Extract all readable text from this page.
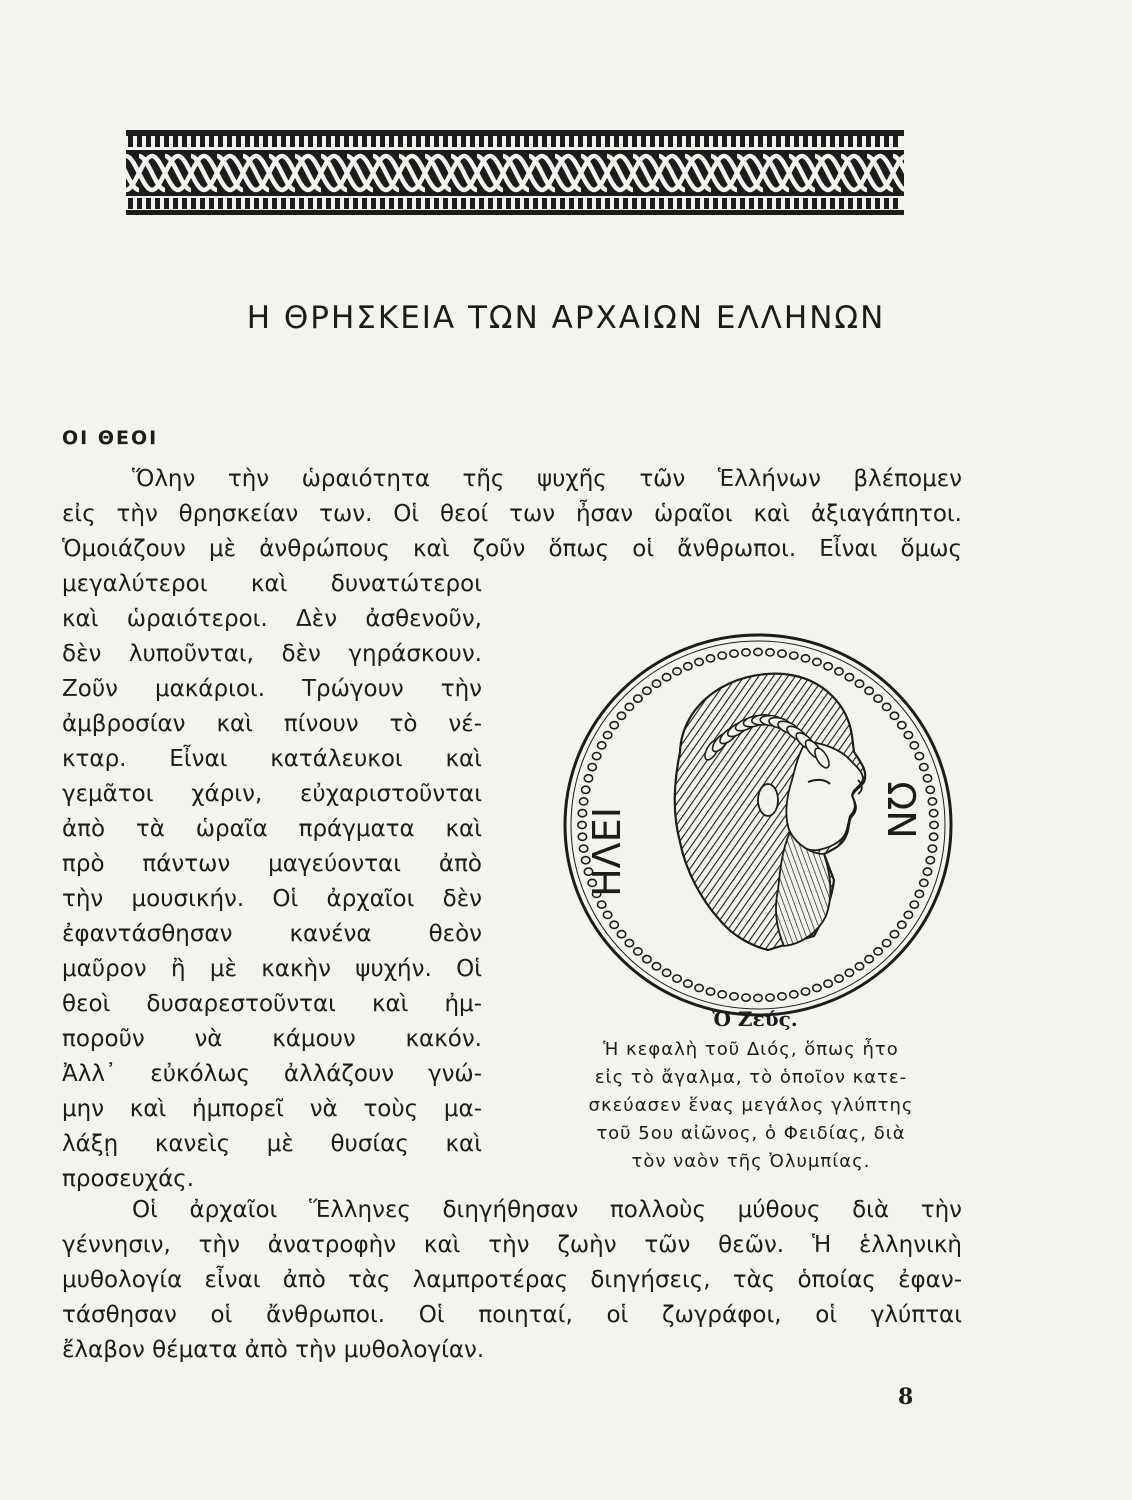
Η ΘΡΗΣΚΕΙΑ ΤΩΝ ΑΡΧΑΙΩΝ ΕΛΛΗΝΩΝ
ΟΙ ΘΕΟΙ
Ὅλην τὴν ὡραιότητα τῆς ψυχῆς τῶν Ἑλλήνων βλέπομεν
εἰς τὴν θρησκείαν των. Οἱ θεοί των ἦσαν ὡραῖοι καὶ ἀξιαγάπητοι.
Ὁμοιάζουν μὲ ἀνθρώπους καὶ ζοῦν ὅπως οἱ ἄνθρωποι. Εἶναι ὅμως
μεγαλύτεροι καὶ δυνατώτεροι
καὶ ὡραιότεροι. Δὲν ἀσθενοῦν,
δὲν λυποῦνται, δὲν γηράσκουν.
Ζοῦν μακάριοι. Τρώγουν τὴν
ἀμβροσίαν καὶ πίνουν τὸ νέ-
κταρ. Εἶναι κατάλευκοι καὶ
γεμᾶτοι χάριν, εὐχαριστοῦνται
ἀπὸ τὰ ὡραῖα πράγματα καὶ
πρὸ πάντων μαγεύονται ἀπὸ
τὴν μουσικήν. Οἱ ἀρχαῖοι δὲν
ἐφαντάσθησαν κανένα θεὸν
μαῦρον ἢ μὲ κακὴν ψυχήν. Οἱ
θεοὶ δυσαρεστοῦνται καὶ ἠμ-
ποροῦν νὰ κάμουν κακόν.
Ἀλλ᾽ εὐκόλως ἀλλάζουν γνώ-
μην καὶ ἠμπορεῖ νὰ τοὺς μα-
λάξῃ κανεὶς μὲ θυσίας καὶ
προσευχάς.
ΗΛΕΙ	ΩΝ
Ὁ Ζεύς.
Ἡ κεφαλὴ τοῦ Διός, ὅπως ἦτο
εἰς τὸ ἄγαλμα, τὸ ὁποῖον κατε-
σκεύασεν ἕνας μεγάλος γλύπτης
τοῦ 5ου αἰῶνος, ὁ Φειδίας, διὰ
τὸν ναὸν τῆς Ὀλυμπίας.
Οἱ ἀρχαῖοι Ἕλληνες διηγήθησαν πολλοὺς μύθους διὰ τὴν
γέννησιν, τὴν ἀνατροφὴν καὶ τὴν ζωὴν τῶν θεῶν. Ἡ ἑλληνικὴ
μυθολογία εἶναι ἀπὸ τὰς λαμπροτέρας διηγήσεις, τὰς ὁποίας ἐφαν-
τάσθησαν οἱ ἄνθρωποι. Οἱ ποιηταί, οἱ ζωγράφοι, οἱ γλύπται
ἔλαβον θέματα ἀπὸ τὴν μυθολογίαν.
8
